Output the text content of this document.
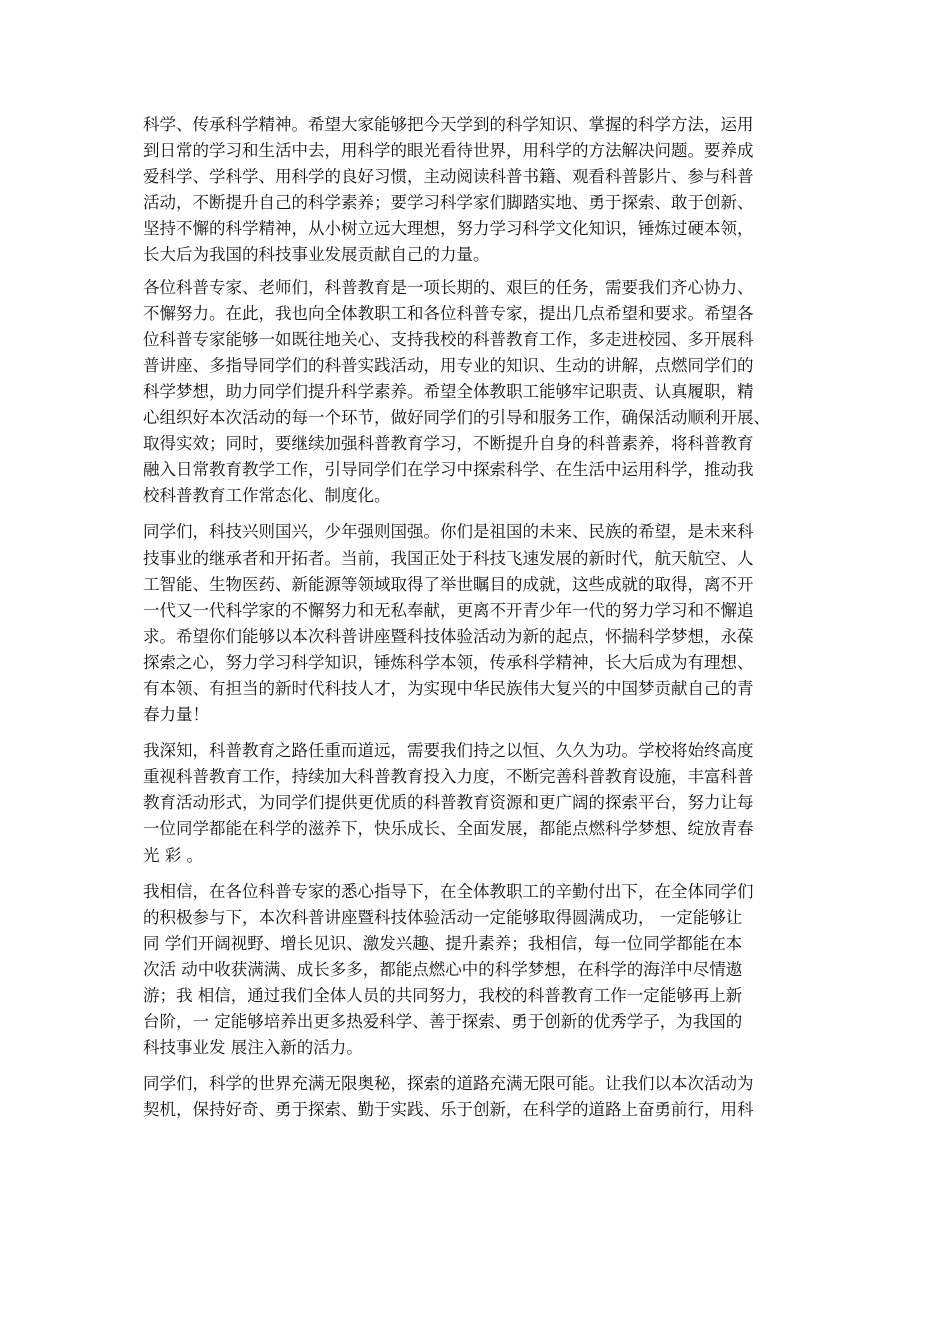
科学、传承科学精神。希望大家能够把今天学到的科学知识、掌握的科学方法，运用
到日常的学习和生活中去，用科学的眼光看待世界，用科学的方法解决问题。要养成
爱科学、学科学、用科学的良好习惯，主动阅读科普书籍、观看科普影片、参与科普
活动，不断提升自己的科学素养；要学习科学家们脚踏实地、勇于探索、敢于创新、
坚持不懈的科学精神，从小树立远大理想，努力学习科学文化知识，锤炼过硬本领，
长大后为我国的科技事业发展贡献自己的力量。
各位科普专家、老师们，科普教育是一项长期的、艰巨的任务，需要我们齐心协力、
不懈努力。在此，我也向全体教职工和各位科普专家，提出几点希望和要求。希望各
位科普专家能够一如既往地关心、支持我校的科普教育工作，多走进校园、多开展科
普讲座、多指导同学们的科普实践活动，用专业的知识、生动的讲解，点燃同学们的
科学梦想，助力同学们提升科学素养。希望全体教职工能够牢记职责、认真履职，精
心组织好本次活动的每一个环节，做好同学们的引导和服务工作，确保活动顺利开展、
取得实效；同时，要继续加强科普教育学习，不断提升自身的科普素养，将科普教育
融入日常教育教学工作，引导同学们在学习中探索科学、在生活中运用科学，推动我
校科普教育工作常态化、制度化。
同学们，科技兴则国兴，少年强则国强。你们是祖国的未来、民族的希望，是未来科
技事业的继承者和开拓者。当前，我国正处于科技飞速发展的新时代，航天航空、人
工智能、生物医药、新能源等领域取得了举世瞩目的成就，这些成就的取得，离不开
一代又一代科学家的不懈努力和无私奉献，更离不开青少年一代的努力学习和不懈追
求。希望你们能够以本次科普讲座暨科技体验活动为新的起点，怀揣科学梦想，永葆
探索之心，努力学习科学知识，锤炼科学本领，传承科学精神，长大后成为有理想、
有本领、有担当的新时代科技人才，为实现中华民族伟大复兴的中国梦贡献自己的青
春力量！
我深知，科普教育之路任重而道远，需要我们持之以恒、久久为功。学校将始终高度
重视科普教育工作，持续加大科普教育投入力度，不断完善科普教育设施，丰富科普
教育活动形式，为同学们提供更优质的科普教育资源和更广阔的探索平台，努力让每
一位同学都能在科学的滋养下，快乐成长、全面发展，都能点燃科学梦想、绽放青春
光 彩 。
我相信，在各位科普专家的悉心指导下，在全体教职工的辛勤付出下，在全体同学们
的积极参与下，本次科普讲座暨科技体验活动一定能够取得圆满成功， 一定能够让
同 学们开阔视野、增长见识、激发兴趣、提升素养；我相信，每一位同学都能在本
次活 动中收获满满、成长多多，都能点燃心中的科学梦想，在科学的海洋中尽情遨
游；我 相信，通过我们全体人员的共同努力，我校的科普教育工作一定能够再上新
台阶，一 定能够培养出更多热爱科学、善于探索、勇于创新的优秀学子，为我国的
科技事业发 展注入新的活力。
同学们，科学的世界充满无限奥秘，探索的道路充满无限可能。让我们以本次活动为
契机，保持好奇、勇于探索、勤于实践、乐于创新，在科学的道路上奋勇前行，用科
